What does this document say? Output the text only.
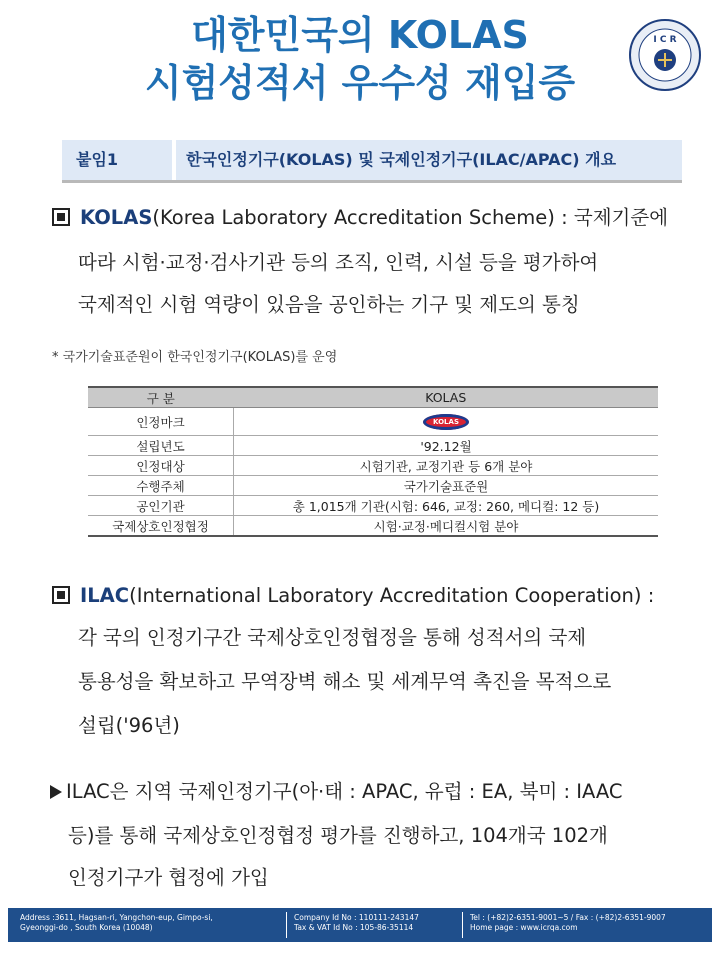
대한민국의 KOLAS
시험성적서 우수성 재입증
I C R
붙임1	한국인정기구(KOLAS) 및 국제인정기구(ILAC/APAC) 개요
KOLAS(Korea Laboratory Accreditation Scheme) : 국제기준에
따라 시험·교정·검사기관 등의 조직, 인력, 시설 등을 평가하여
국제적인 시험 역량이 있음을 공인하는 기구 및 제도의 통칭
* 국가기술표준원이 한국인정기구(KOLAS)를 운영
구 분	KOLAS
인정마크	KOLAS
설립년도	'92.12월
인정대상	시험기관, 교정기관 등 6개 분야
수행주체	국가기술표준원
공인기관	총 1,015개 기관(시험: 646, 교정: 260, 메디컬: 12 등)
국제상호인정협정	시험·교정·메디컬시험 분야
ILAC(International Laboratory Accreditation Cooperation) :
각 국의 인정기구간 국제상호인정협정을 통해 성적서의 국제
통용성을 확보하고 무역장벽 해소 및 세계무역 촉진을 목적으로
설립('96년)
ILAC은 지역 국제인정기구(아·태 : APAC, 유럽 : EA, 북미 : IAAC
등)를 통해 국제상호인정협정 평가를 진행하고, 104개국 102개
인정기구가 협정에 가입
Address :3611, Hagsan-ri, Yangchon-eup, Gimpo-si,
Gyeonggi-do , South Korea (10048)
Company Id No : 110111-243147
Tax & VAT Id No : 105-86-35114
Tel : (+82)2-6351-9001~5 / Fax : (+82)2-6351-9007
Home page : www.icrqa.com
